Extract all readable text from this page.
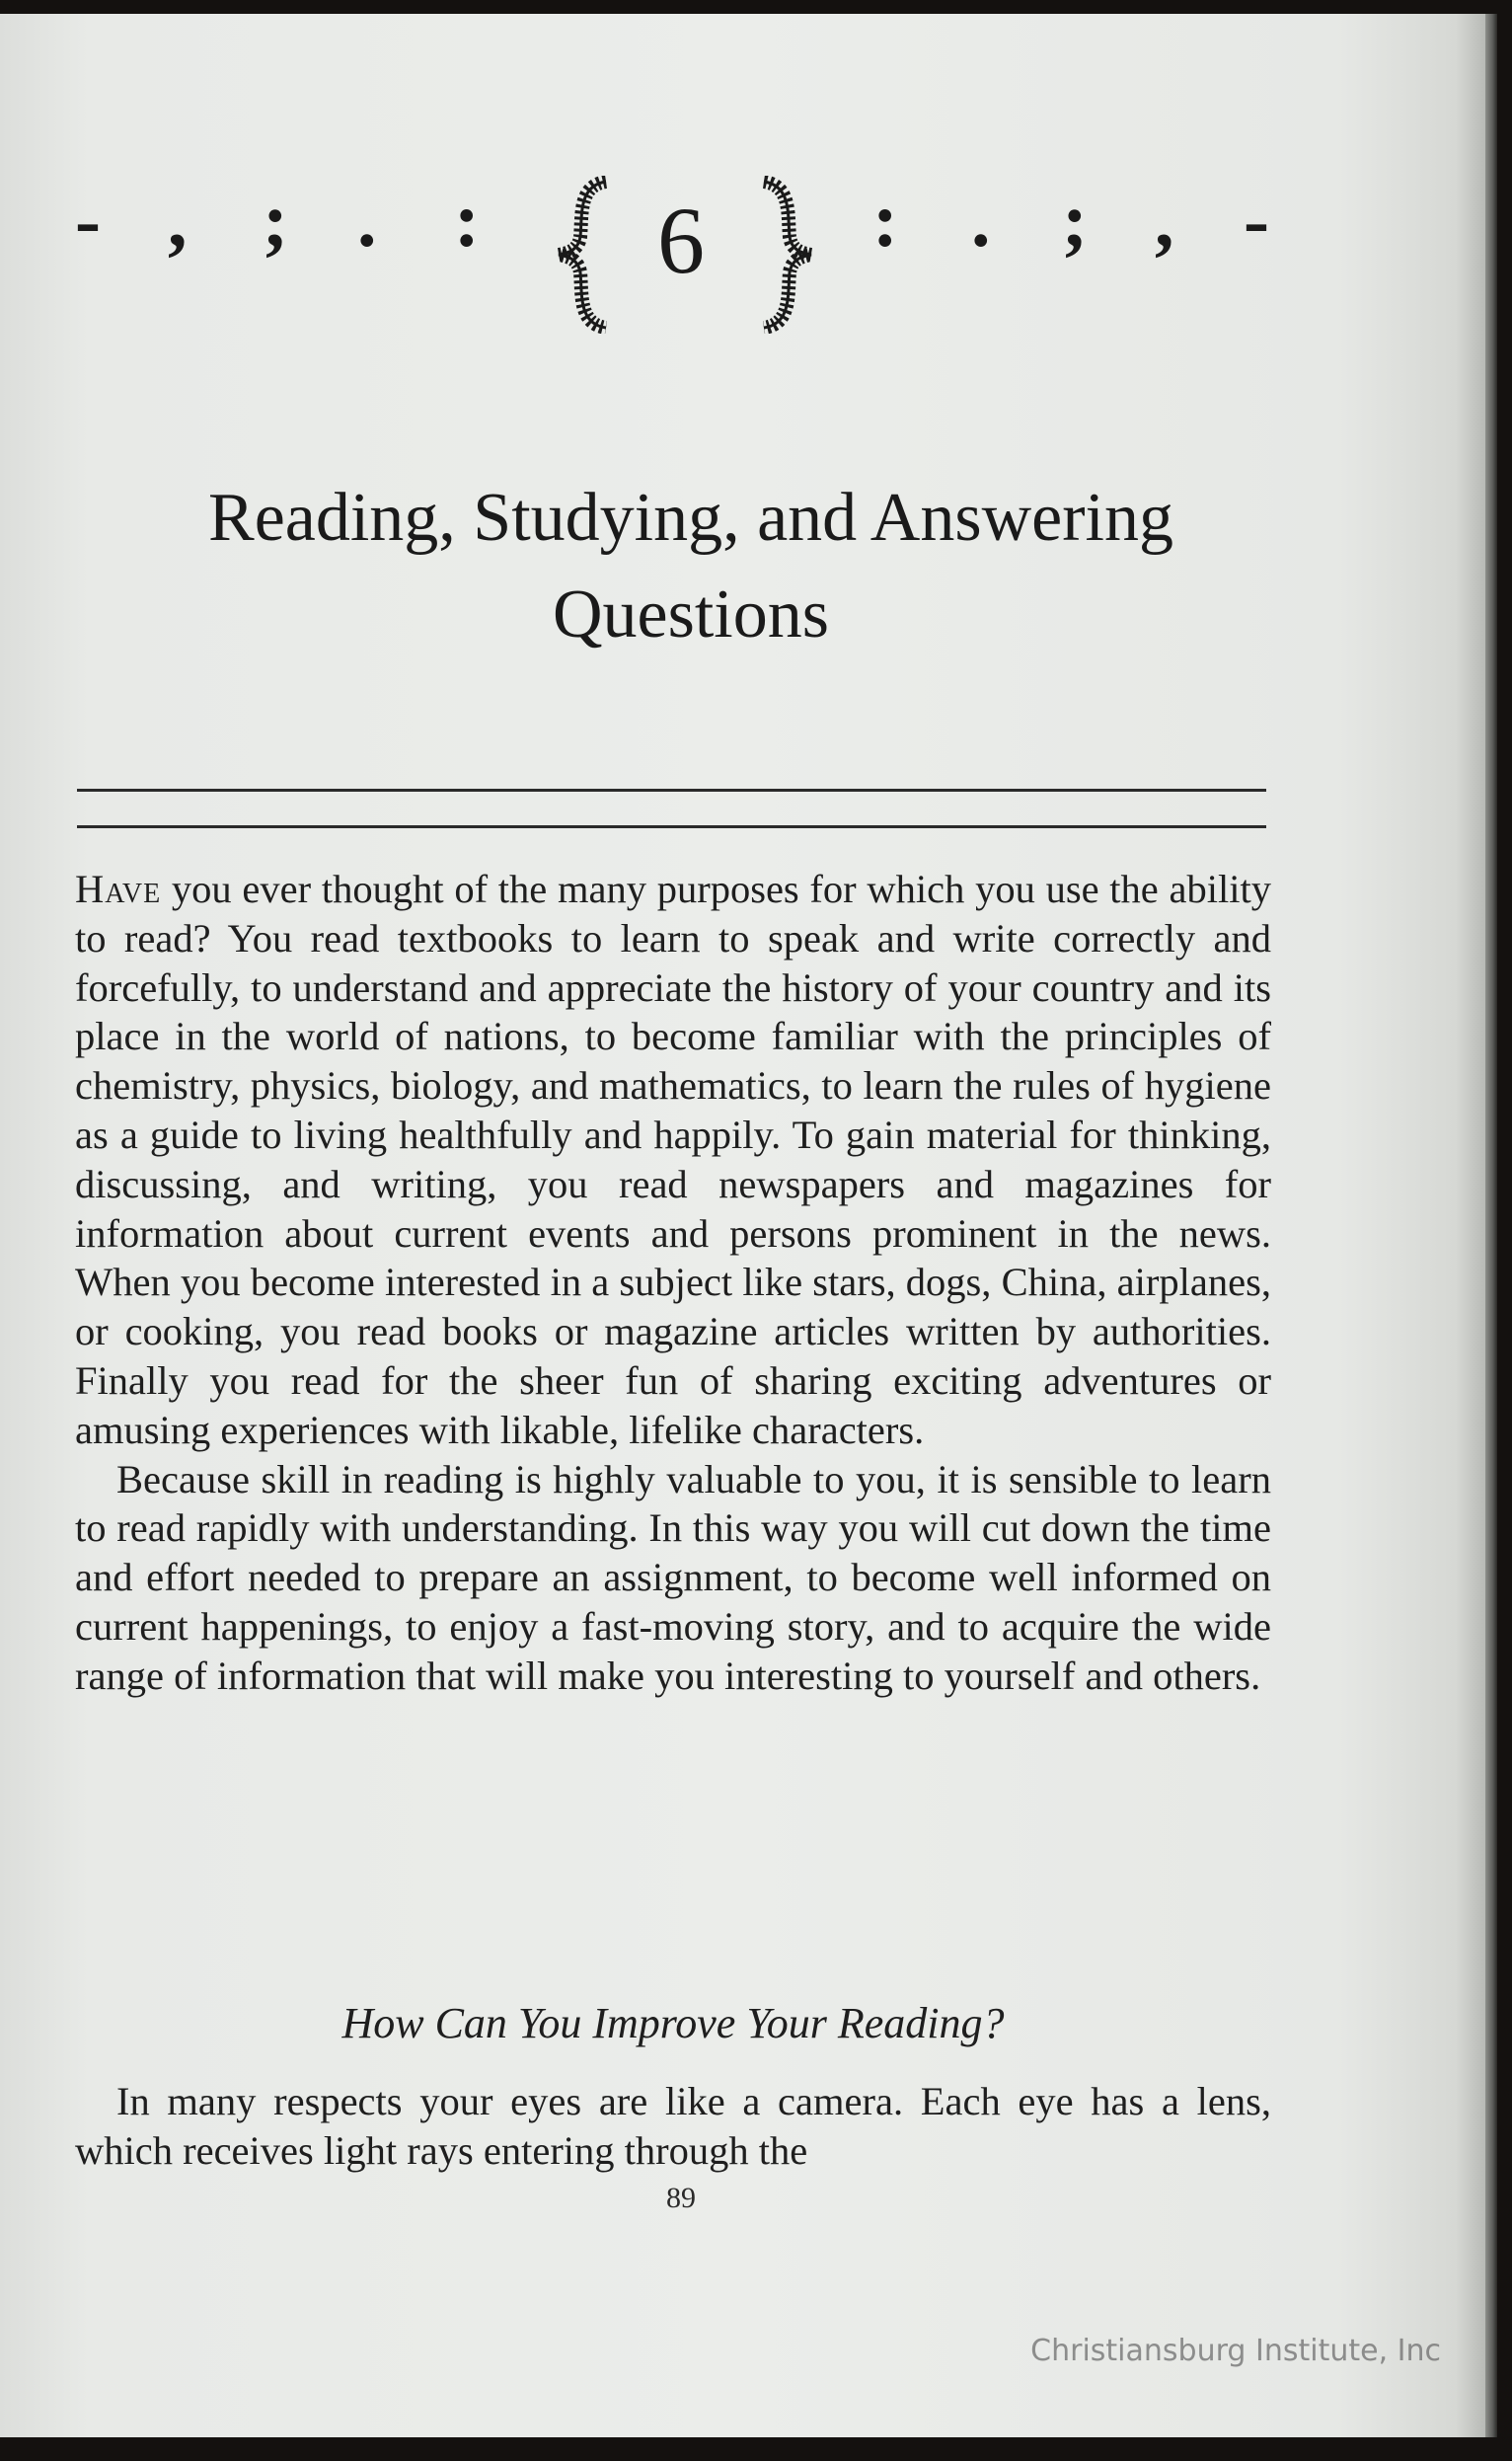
- , ; . : 6	: . ; , -
Reading, Studying, and Answering
Questions

Have you ever thought of the many purposes for which you use the ability to read? You read textbooks to learn to speak and write correctly and forcefully, to understand and appreciate the history of your country and its place in the world of nations, to become familiar with the principles of chemistry, physics, biology, and mathematics, to learn the rules of hygiene as a guide to living healthfully and happily. To gain material for thinking, discussing, and writing, you read newspapers and magazines for information about current events and persons prominent in the news. When you become interested in a subject like stars, dogs, China, airplanes, or cooking, you read books or magazine articles written by authorities. Finally you read for the sheer fun of sharing exciting adventures or amusing experiences with likable, lifelike characters.

Because skill in reading is highly valuable to you, it is sensible to learn to read rapidly with understanding. In this way you will cut down the time and effort needed to prepare an assignment, to become well informed on current happenings, to enjoy a fast-moving story, and to acquire the wide range of information that will make you interesting to yourself and others.

How Can You Improve Your Reading?

In many respects your eyes are like a camera. Each eye has a lens, which receives light rays entering through the

89
Christiansburg Institute, Inc
